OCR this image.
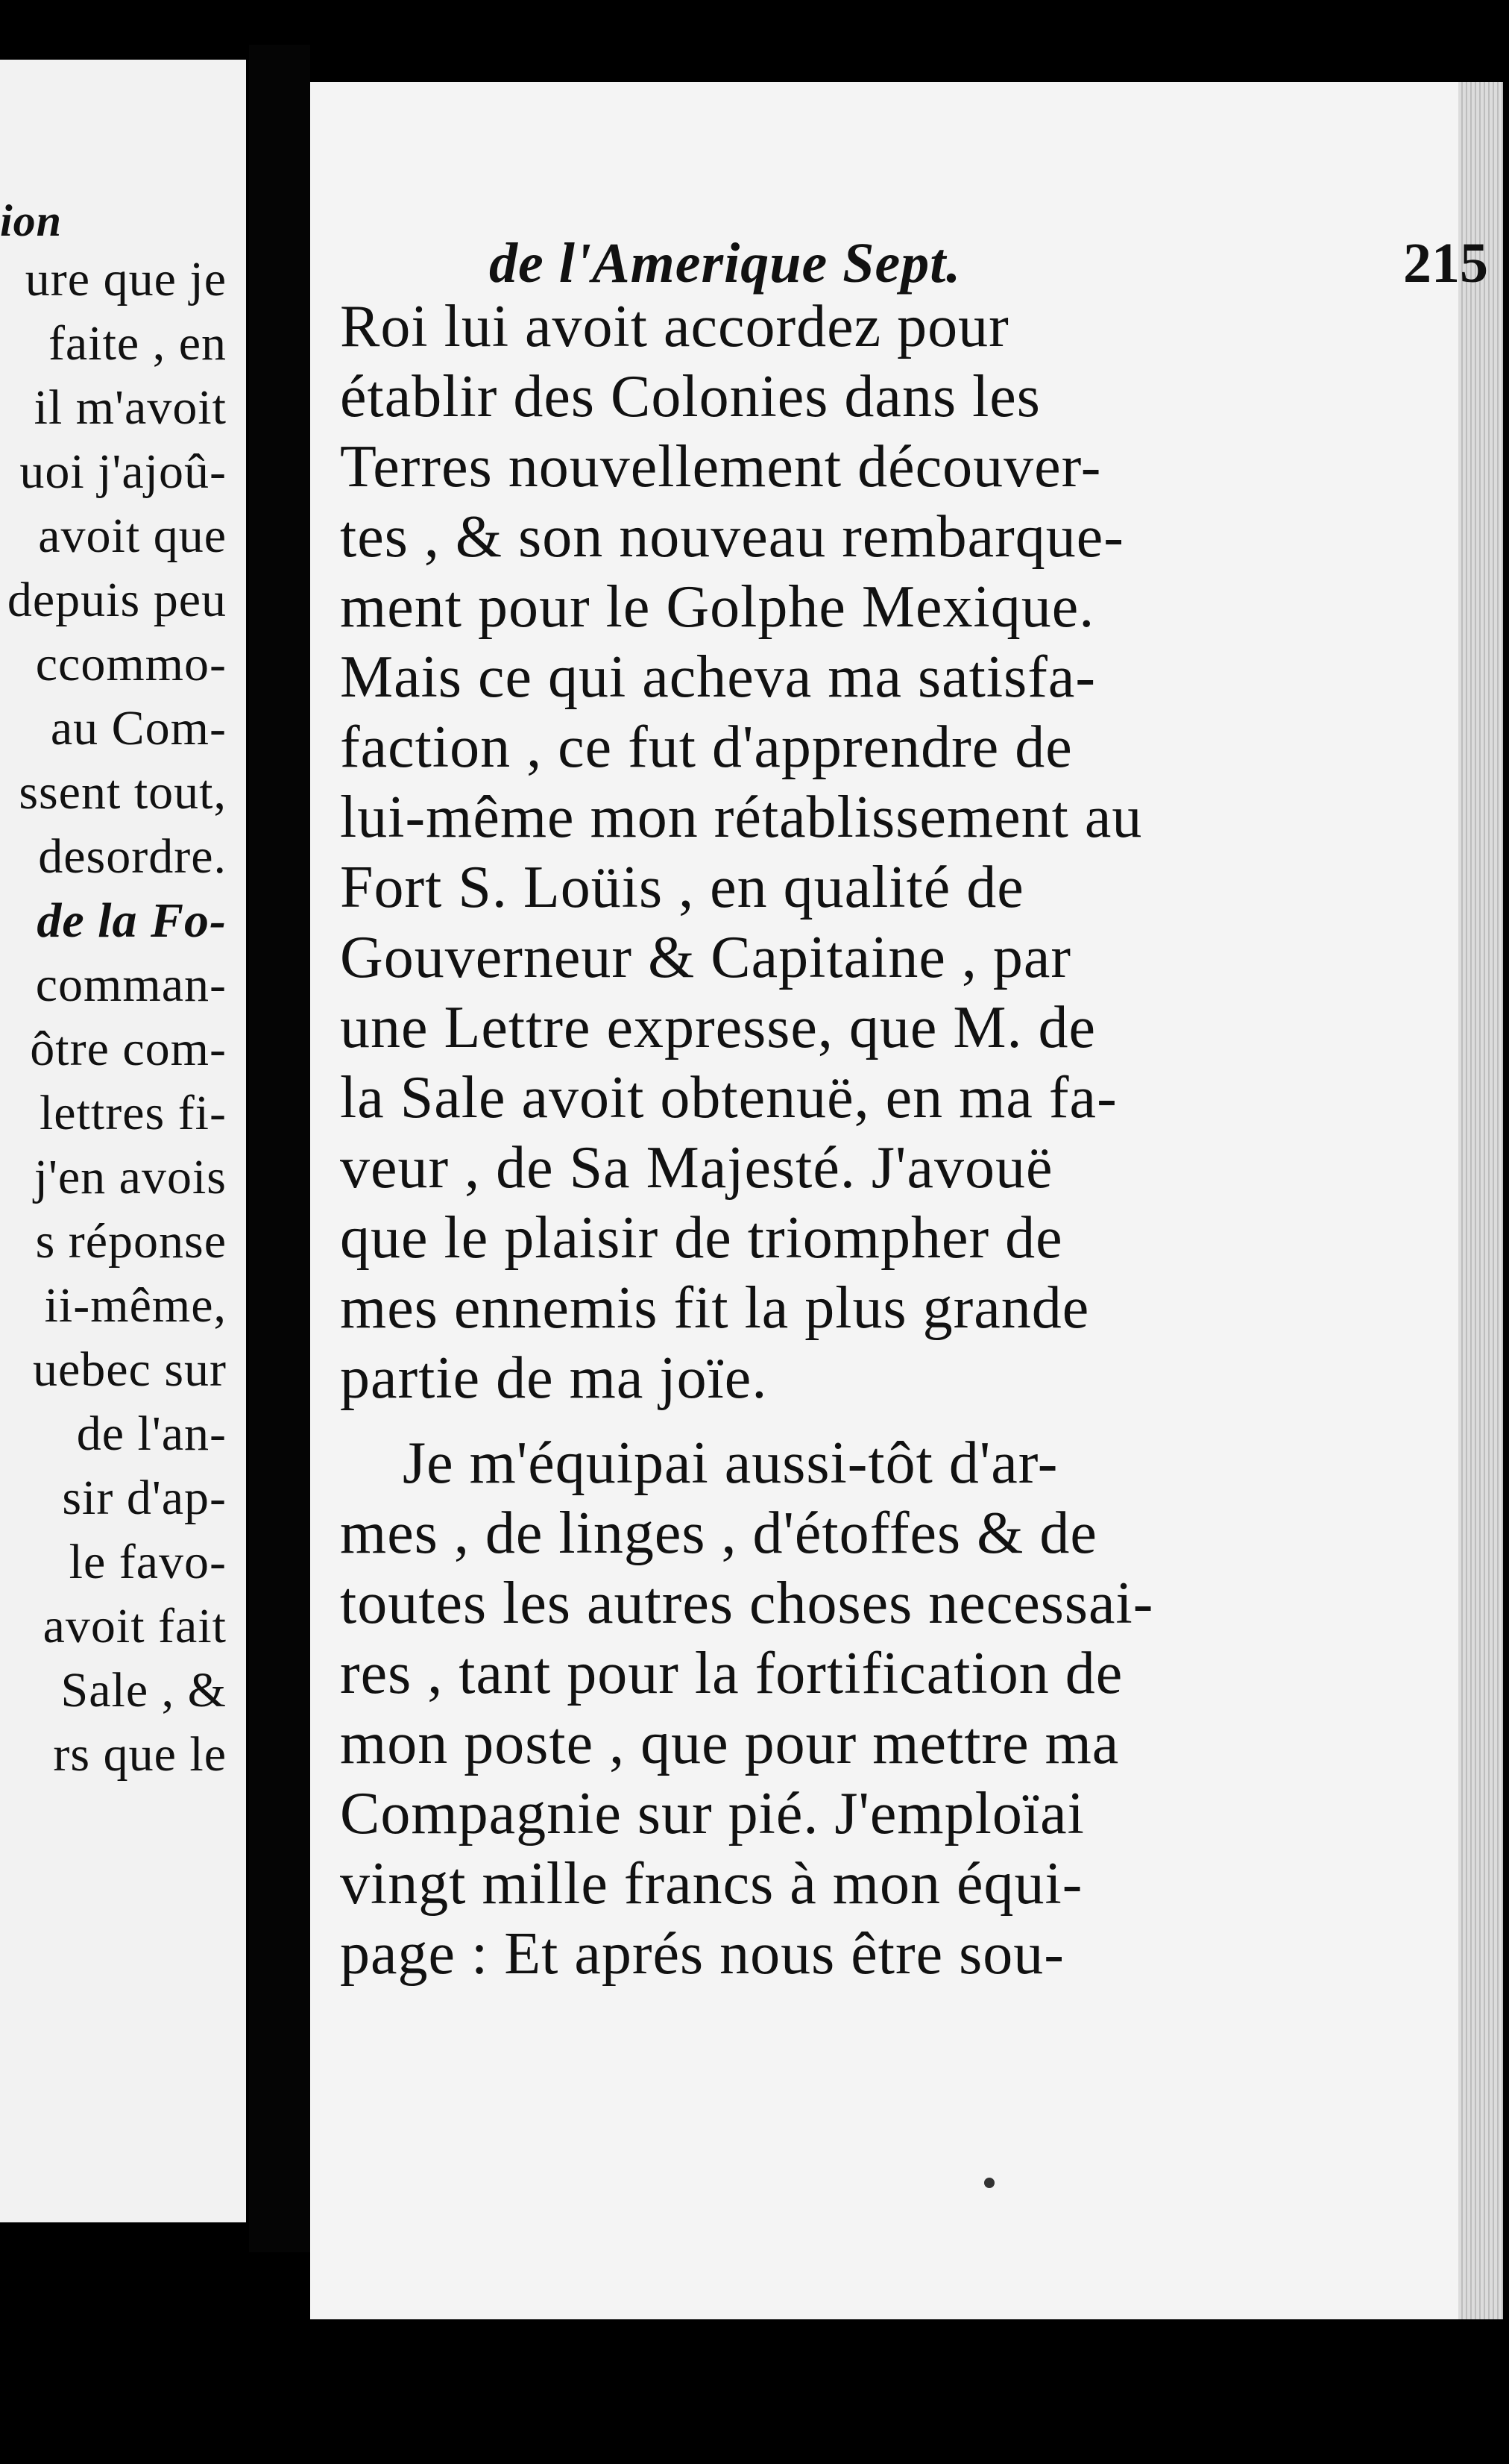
ion
ure que je
faite , en
il m'avoit
uoi j'ajoû-
avoit que
depuis peu
ccommo-
au Com-
ssent tout,
desordre.
de la Fo-
comman-
ôtre com-
lettres fi-
j'en avois
s réponse
ii-même,
uebec sur
de l'an-
sir d'ap-
le favo-
avoit fait
Sale , &
rs que le
de l'Amerique Sept.	215
Roi lui avoit accordez pour
établir des Colonies dans les
Terres nouvellement découver-
tes , & son nouveau rembarque-
ment pour le Golphe Mexique.
Mais ce qui acheva ma satisfa-
faction , ce fut d'apprendre de
lui-même mon rétablissement au
Fort S. Loüis , en qualité de
Gouverneur & Capitaine , par
une Lettre expresse, que M. de
la Sale avoit obtenuë, en ma fa-
veur , de Sa Majesté. J'avouë
que le plaisir de triompher de
mes ennemis fit la plus grande
partie de ma joïe.
Je m'équipai aussi-tôt d'ar-
mes , de linges , d'étoffes & de
toutes les autres choses necessai-
res , tant pour la fortification de
mon poste , que pour mettre ma
Compagnie sur pié. J'emploïai
vingt mille francs à mon équi-
page : Et aprés nous être sou-
